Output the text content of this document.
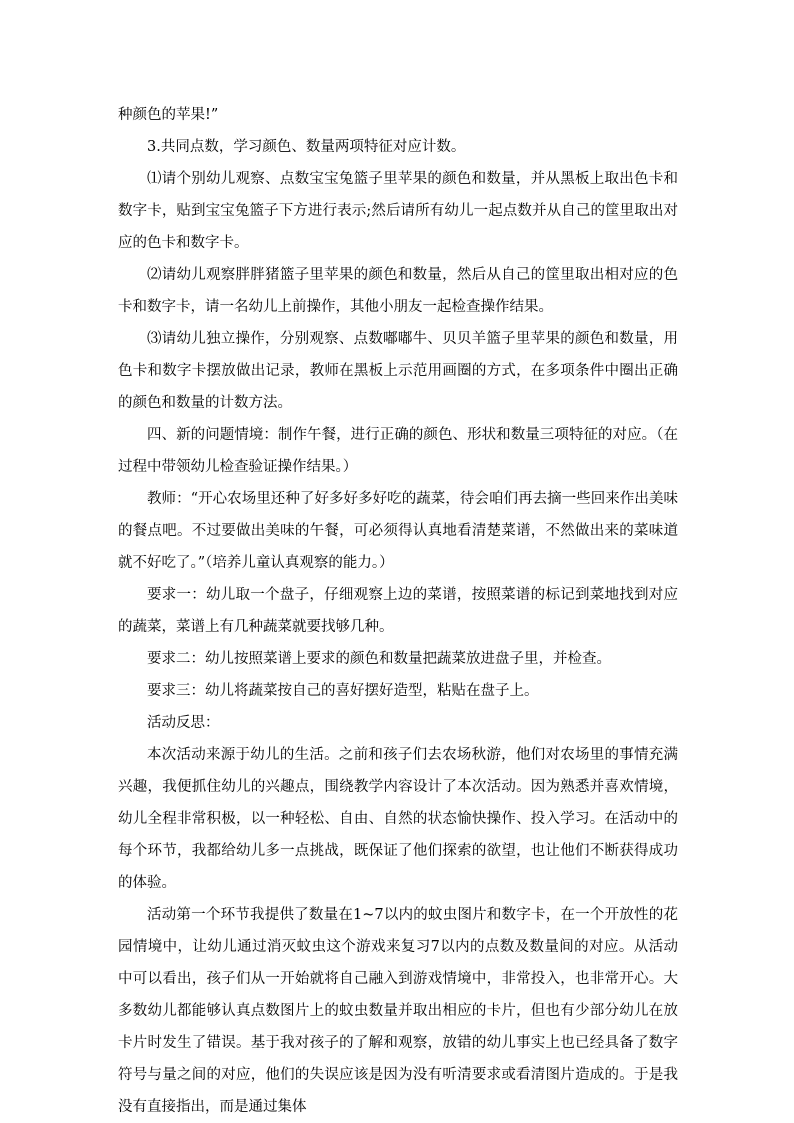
种颜色的苹果!”

3.共同点数，学习颜色、数量两项特征对应计数。

⑴请个别幼儿观察、点数宝宝兔篮子里苹果的颜色和数量，并从黑板上取出色卡和数字卡，贴到宝宝兔篮子下方进行表示;然后请所有幼儿一起点数并从自己的筐里取出对应的色卡和数字卡。

⑵请幼儿观察胖胖猪篮子里苹果的颜色和数量，然后从自己的筐里取出相对应的色卡和数字卡，请一名幼儿上前操作，其他小朋友一起检查操作结果。

⑶请幼儿独立操作，分别观察、点数嘟嘟牛、贝贝羊篮子里苹果的颜色和数量，用色卡和数字卡摆放做出记录，教师在黑板上示范用画圈的方式，在多项条件中圈出正确的颜色和数量的计数方法。

四、新的问题情境：制作午餐，进行正确的颜色、形状和数量三项特征的对应。（在过程中带领幼儿检查验证操作结果。）

教师：“开心农场里还种了好多好多好吃的蔬菜，待会咱们再去摘一些回来作出美味的餐点吧。不过要做出美味的午餐，可必须得认真地看清楚菜谱，不然做出来的菜味道就不好吃了。”（培养儿童认真观察的能力。）

要求一：幼儿取一个盘子，仔细观察上边的菜谱，按照菜谱的标记到菜地找到对应的蔬菜，菜谱上有几种蔬菜就要找够几种。

要求二：幼儿按照菜谱上要求的颜色和数量把蔬菜放进盘子里，并检查。

要求三：幼儿将蔬菜按自己的喜好摆好造型，粘贴在盘子上。

活动反思：

本次活动来源于幼儿的生活。之前和孩子们去农场秋游，他们对农场里的事情充满兴趣，我便抓住幼儿的兴趣点，围绕教学内容设计了本次活动。因为熟悉并喜欢情境，幼儿全程非常积极，以一种轻松、自由、自然的状态愉快操作、投入学习。在活动中的每个环节，我都给幼儿多一点挑战，既保证了他们探索的欲望，也让他们不断获得成功的体验。

活动第一个环节我提供了数量在1~7以内的蚊虫图片和数字卡，在一个开放性的花园情境中，让幼儿通过消灭蚊虫这个游戏来复习7以内的点数及数量间的对应。从活动中可以看出，孩子们从一开始就将自己融入到游戏情境中，非常投入，也非常开心。大多数幼儿都能够认真点数图片上的蚊虫数量并取出相应的卡片，但也有少部分幼儿在放卡片时发生了错误。基于我对孩子的了解和观察，放错的幼儿事实上也已经具备了数字符号与量之间的对应，他们的失误应该是因为没有听清要求或看清图片造成的。于是我没有直接指出，而是通过集体
